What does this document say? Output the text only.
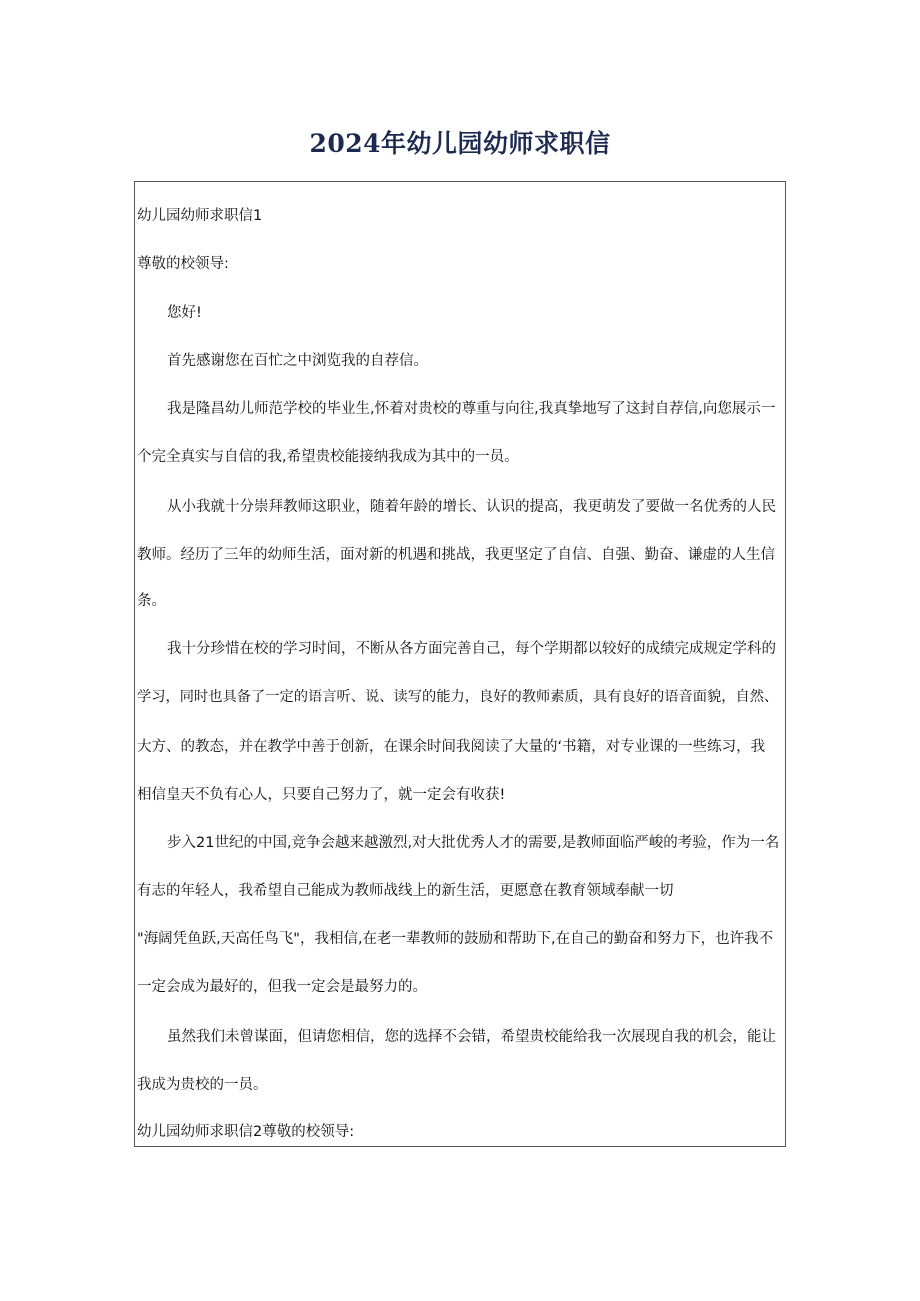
2024年幼儿园幼师求职信
幼儿园幼师求职信1
尊敬的校领导:
您好!
首先感谢您在百忙之中浏览我的自荐信。
我是隆昌幼儿师范学校的毕业生,怀着对贵校的尊重与向往,我真挚地写了这封自荐信,向您展示一
个完全真实与自信的我,希望贵校能接纳我成为其中的一员。
从小我就十分崇拜教师这职业，随着年龄的增长、认识的提高，我更萌发了要做一名优秀的人民
教师。经历了三年的幼师生活，面对新的机遇和挑战，我更坚定了自信、自强、勤奋、谦虚的人生信
条。
我十分珍惜在校的学习时间，不断从各方面完善自己，每个学期都以较好的成绩完成规定学科的
学习，同时也具备了一定的语言听、说、读写的能力，良好的教师素质，具有良好的语音面貌，自然、
大方、的教态，并在教学中善于创新，在课余时间我阅读了大量的‘书籍，对专业课的一些练习，我
相信皇天不负有心人，只要自己努力了，就一定会有收获!
步入21世纪的中国,竞争会越来越激烈,对大批优秀人才的需要,是教师面临严峻的考验，作为一名
有志的年轻人，我希望自己能成为教师战线上的新生活，更愿意在教育领域奉献一切
"海阔凭鱼跃,天高任鸟飞"，我相信,在老一辈教师的鼓励和帮助下,在自己的勤奋和努力下，也许我不
一定会成为最好的，但我一定会是最努力的。
虽然我们未曾谋面，但请您相信，您的选择不会错，希望贵校能给我一次展现自我的机会，能让
我成为贵校的一员。
幼儿园幼师求职信2尊敬的校领导:
